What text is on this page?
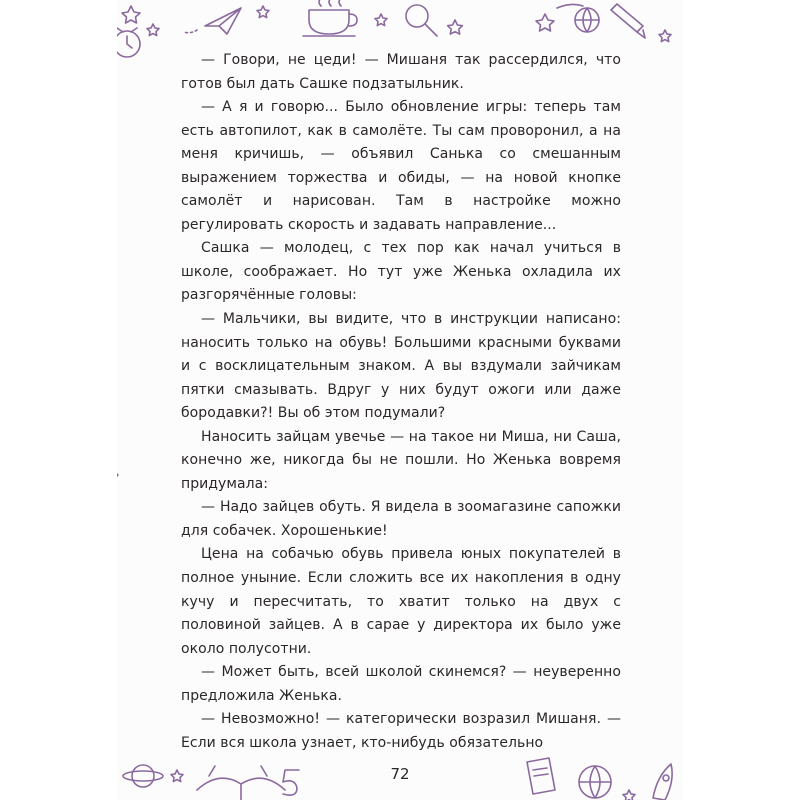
— Говори, не цеди! — Мишаня так рассердился, что готов был дать Сашке подзатыльник.

— А я и говорю... Было обновление игры: теперь там есть автопилот, как в самолёте. Ты сам проворонил, а на меня кричишь, — объявил Санька со смешанным выражением торжества и обиды, — на новой кнопке самолёт и нарисован. Там в настройке можно регулировать скорость и задавать направление...

Сашка — молодец, с тех пор как начал учиться в школе, соображает. Но тут уже Женька охладила их разгорячённые головы:

— Мальчики, вы видите, что в инструкции написано: наносить только на обувь! Большими красными буквами и с восклицательным знаком. А вы вздумали зайчикам пятки смазывать. Вдруг у них будут ожоги или даже бородавки?! Вы об этом подумали?

Наносить зайцам увечье — на такое ни Миша, ни Саша, конечно же, никогда бы не пошли. Но Женька вовремя придумала:

— Надо зайцев обуть. Я видела в зоомагазине сапожки для собачек. Хорошенькие!

Цена на собачью обувь привела юных покупателей в полное уныние. Если сложить все их накопления в одну кучу и пересчитать, то хватит только на двух с половиной зайцев. А в сарае у директора их было уже около полусотни.

— Может быть, всей школой скинемся? — неуверенно предложила Женька.

— Невозможно! — категорически возразил Мишаня. — Если вся школа узнает, кто-нибудь обязательно

72
